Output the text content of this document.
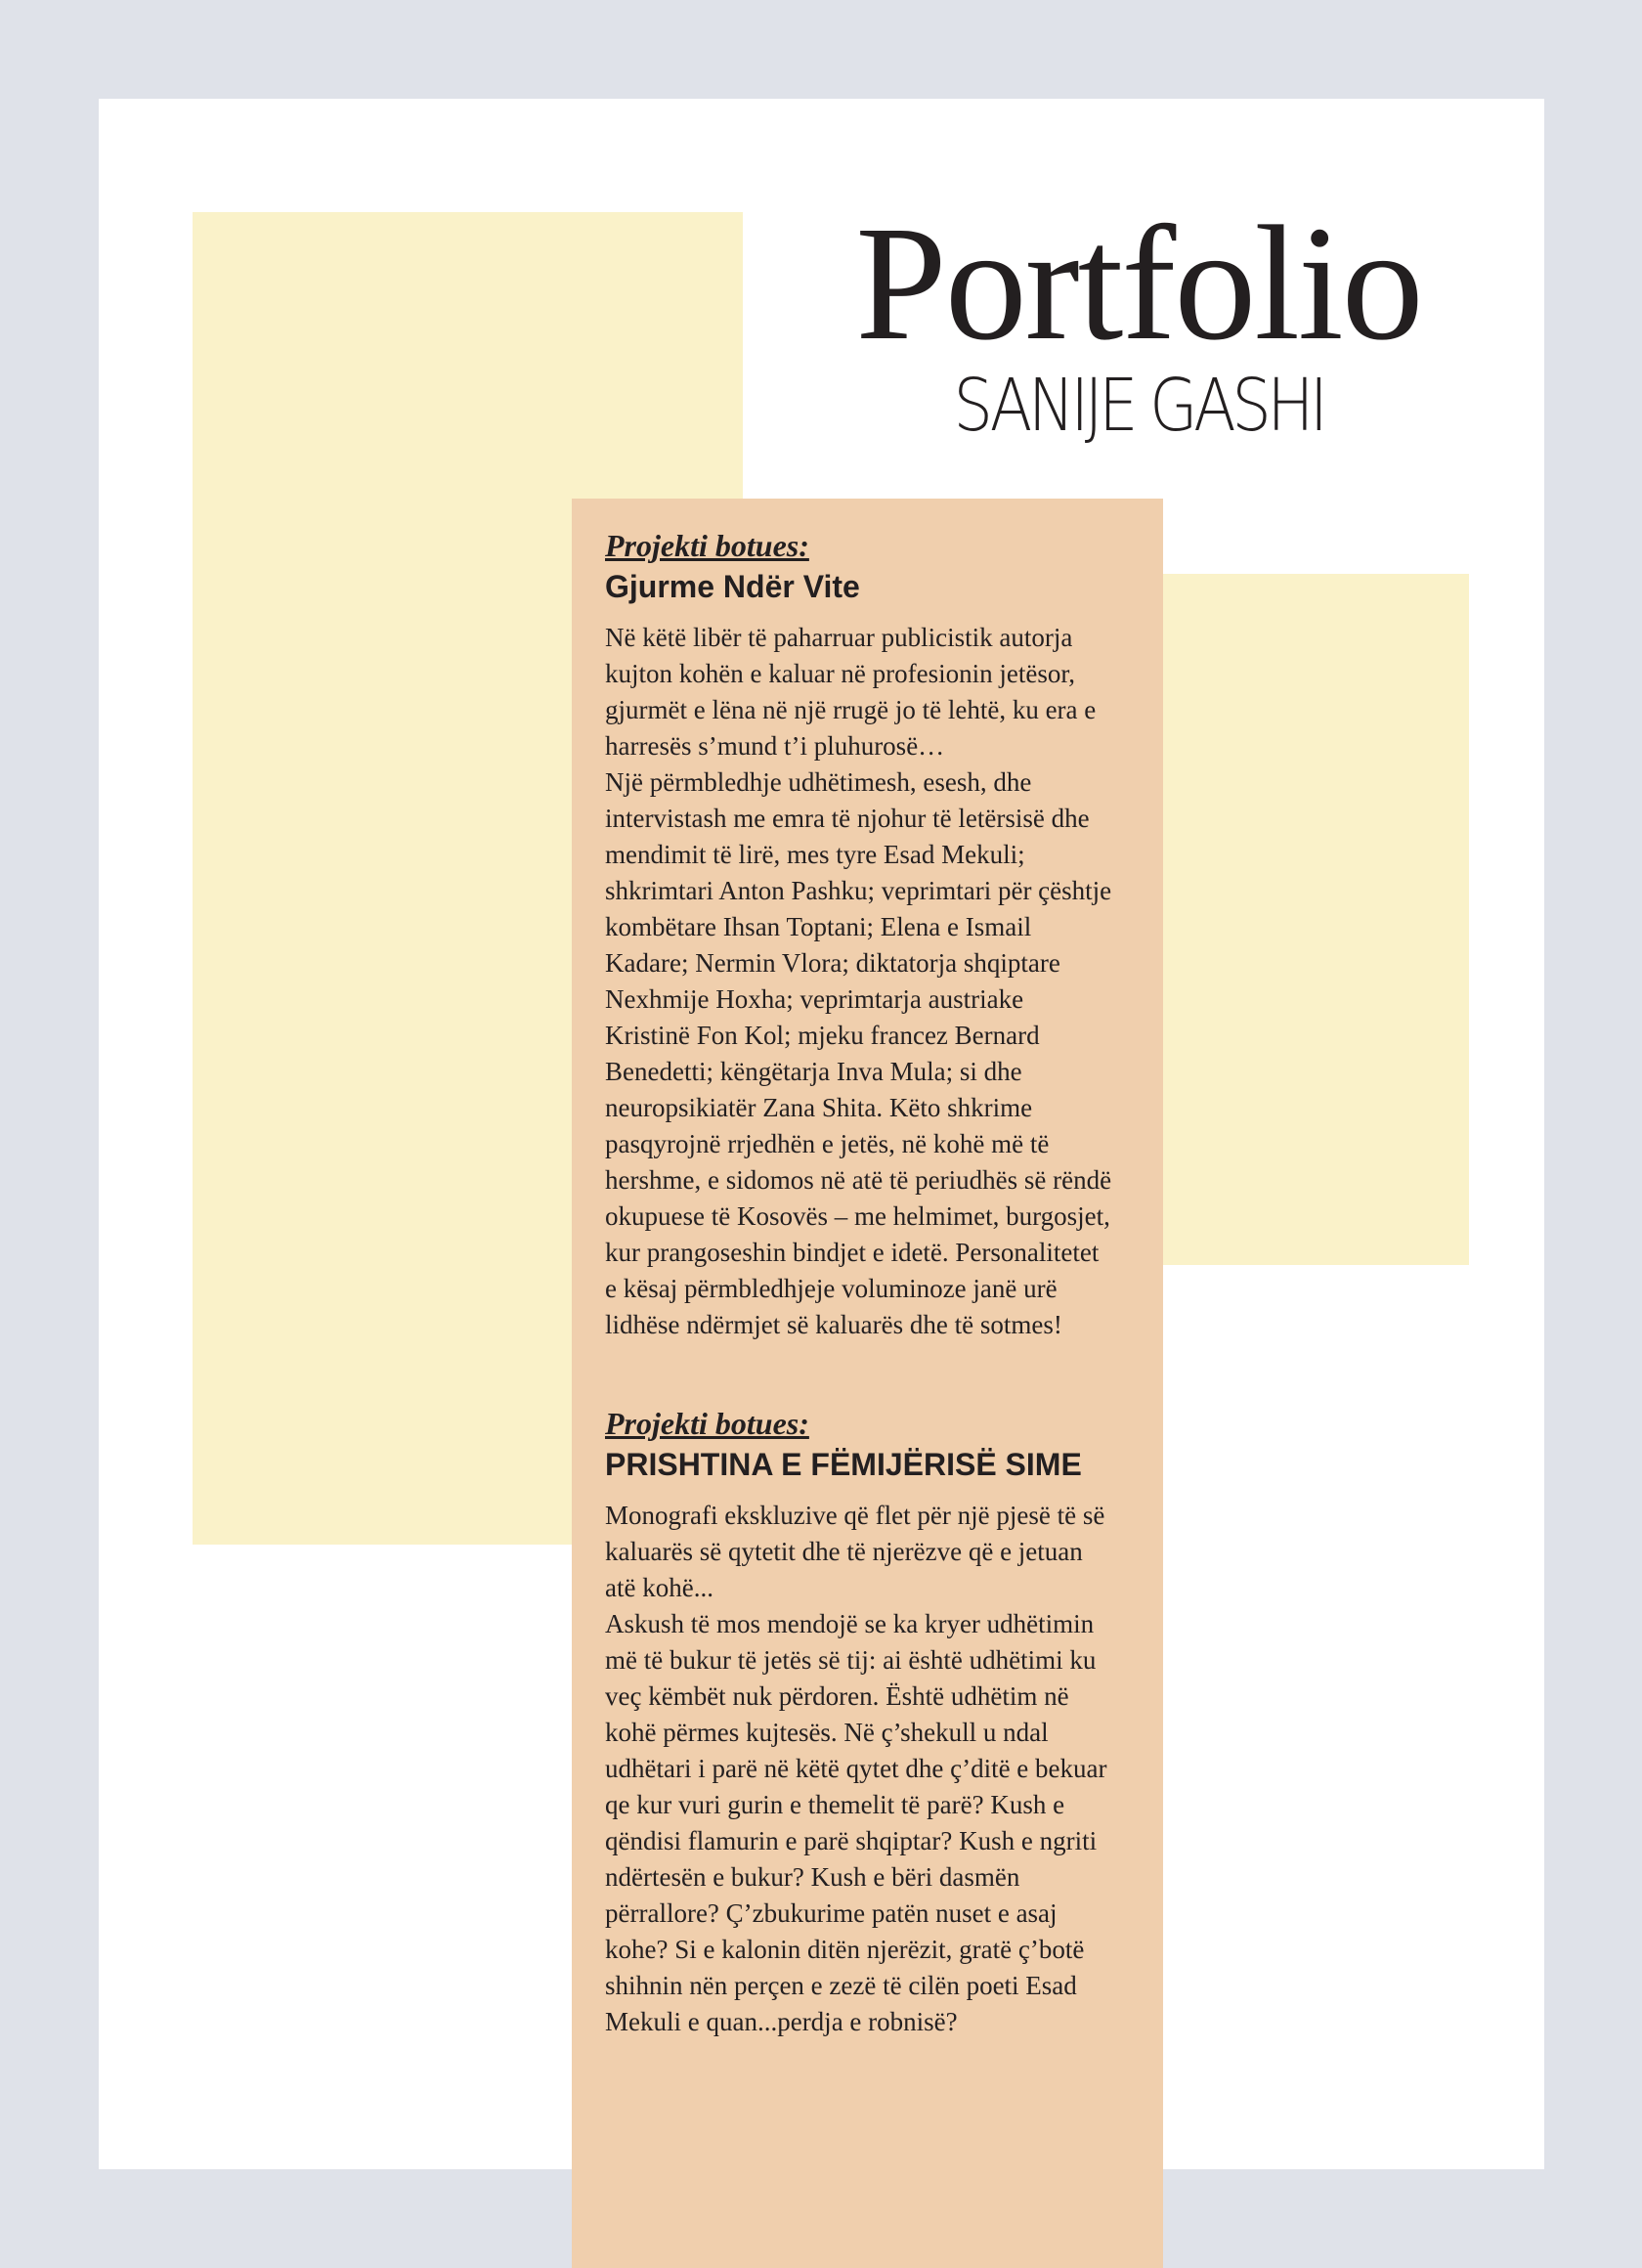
Portfolio
SANIJE GASHI
Projekti botues:
Gjurme Ndër Vite

Në këtë libër të paharruar publicistik autorja
kujton kohën e kaluar në profesionin jetësor,
gjurmët e lëna në një rrugë jo të lehtë, ku era e
harresës s’mund t’i pluhurosë…
Një përmbledhje udhëtimesh, esesh, dhe
intervistash me emra të njohur të letërsisë dhe
mendimit të lirë, mes tyre Esad Mekuli;
shkrimtari Anton Pashku; veprimtari për çështje
kombëtare Ihsan Toptani; Elena e Ismail
Kadare; Nermin Vlora; diktatorja shqiptare
Nexhmije Hoxha; veprimtarja austriake
Kristinë Fon Kol; mjeku francez Bernard
Benedetti; këngëtarja Inva Mula; si dhe
neuropsikiatër Zana Shita. Këto shkrime
pasqyrojnë rrjedhën e jetës, në kohë më të
hershme, e sidomos në atë të periudhës së rëndë
okupuese të Kosovës – me helmimet, burgosjet,
kur prangoseshin bindjet e idetë. Personalitetet
e kësaj përmbledhjeje voluminoze janë urë
lidhëse ndërmjet së kaluarës dhe të sotmes!

Projekti botues:
PRISHTINA E FËMIJËRISË SIME

Monografi ekskluzive që flet për një pjesë të së
kaluarës së qytetit dhe të njerëzve që e jetuan
atë kohë...
Askush të mos mendojë se ka kryer udhëtimin
më të bukur të jetës së tij: ai është udhëtimi ku
veç këmbët nuk përdoren. Është udhëtim në
kohë përmes kujtesës. Në ç’shekull u ndal
udhëtari i parë në këtë qytet dhe ç’ditë e bekuar
qe kur vuri gurin e themelit të parë? Kush e
qëndisi flamurin e parë shqiptar? Kush e ngriti
ndërtesën e bukur? Kush e bëri dasmën
përrallore? Ç’zbukurime patën nuset e asaj
kohe? Si e kalonin ditën njerëzit, gratë ç’botë
shihnin nën perçen e zezë të cilën poeti Esad
Mekuli e quan...perdja e robnisë?
